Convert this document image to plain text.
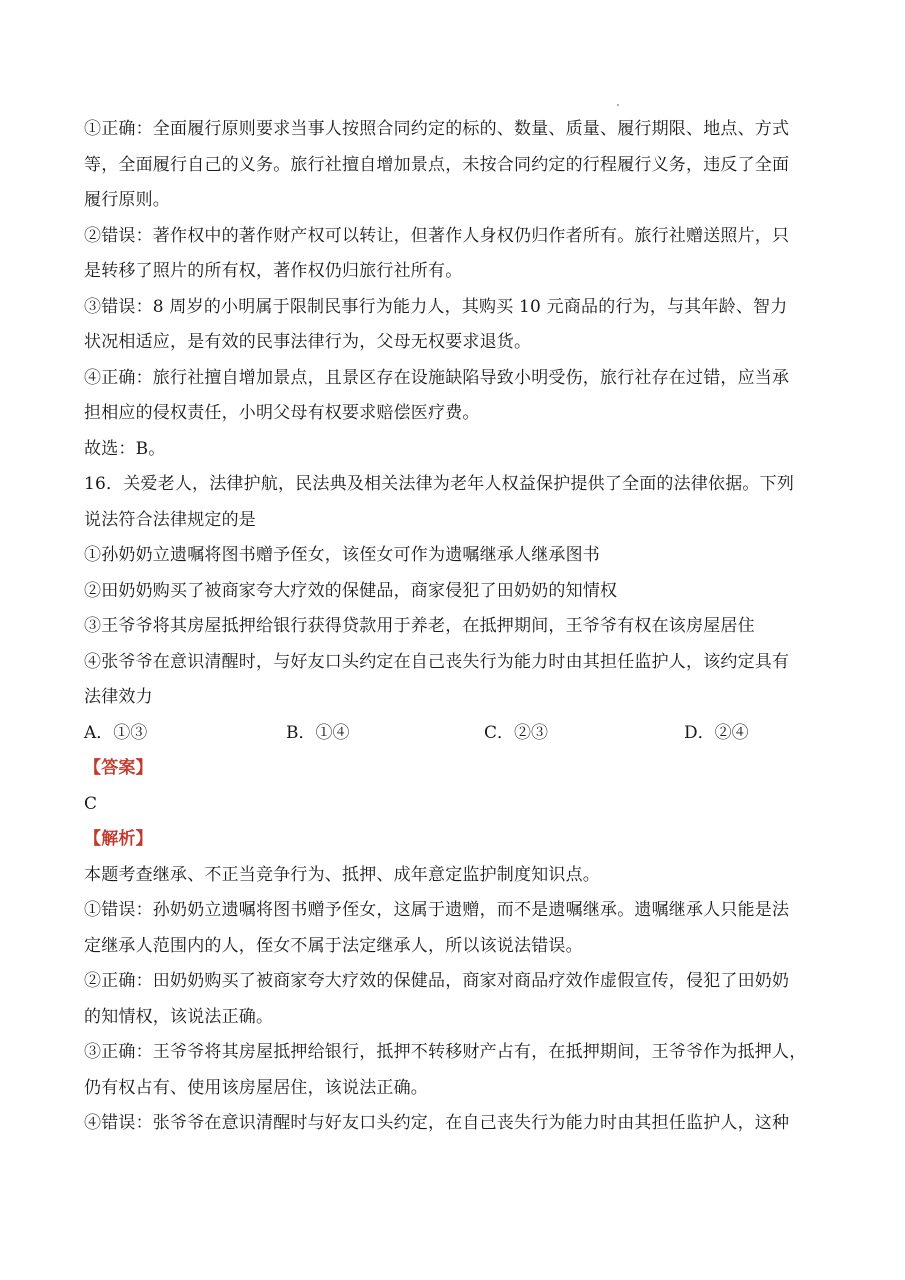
①正确：全面履行原则要求当事人按照合同约定的标的、数量、质量、履行期限、地点、方式
等，全面履行自己的义务。旅行社擅自增加景点，未按合同约定的行程履行义务，违反了全面
履行原则。
②错误：著作权中的著作财产权可以转让，但著作人身权仍归作者所有。旅行社赠送照片，只
是转移了照片的所有权，著作权仍归旅行社所有。
③错误：8 周岁的小明属于限制民事行为能力人，其购买 10 元商品的行为，与其年龄、智力
状况相适应，是有效的民事法律行为，父母无权要求退货。
④正确：旅行社擅自增加景点，且景区存在设施缺陷导致小明受伤，旅行社存在过错，应当承
担相应的侵权责任，小明父母有权要求赔偿医疗费。
故选：B。
16．关爱老人，法律护航，民法典及相关法律为老年人权益保护提供了全面的法律依据。下列
说法符合法律规定的是
①孙奶奶立遗嘱将图书赠予侄女，该侄女可作为遗嘱继承人继承图书
②田奶奶购买了被商家夸大疗效的保健品，商家侵犯了田奶奶的知情权
③王爷爷将其房屋抵押给银行获得贷款用于养老，在抵押期间，王爷爷有权在该房屋居住
④张爷爷在意识清醒时，与好友口头约定在自己丧失行为能力时由其担任监护人，该约定具有
法律效力
A．①③	B．①④	C．②③	D．②④
【答案】
C
【解析】
本题考查继承、不正当竞争行为、抵押、成年意定监护制度知识点。
①错误：孙奶奶立遗嘱将图书赠予侄女，这属于遗赠，而不是遗嘱继承。遗嘱继承人只能是法
定继承人范围内的人，侄女不属于法定继承人，所以该说法错误。
②正确：田奶奶购买了被商家夸大疗效的保健品，商家对商品疗效作虚假宣传，侵犯了田奶奶
的知情权，该说法正确。
③正确：王爷爷将其房屋抵押给银行，抵押不转移财产占有，在抵押期间，王爷爷作为抵押人，
仍有权占有、使用该房屋居住，该说法正确。
④错误：张爷爷在意识清醒时与好友口头约定，在自己丧失行为能力时由其担任监护人，这种
